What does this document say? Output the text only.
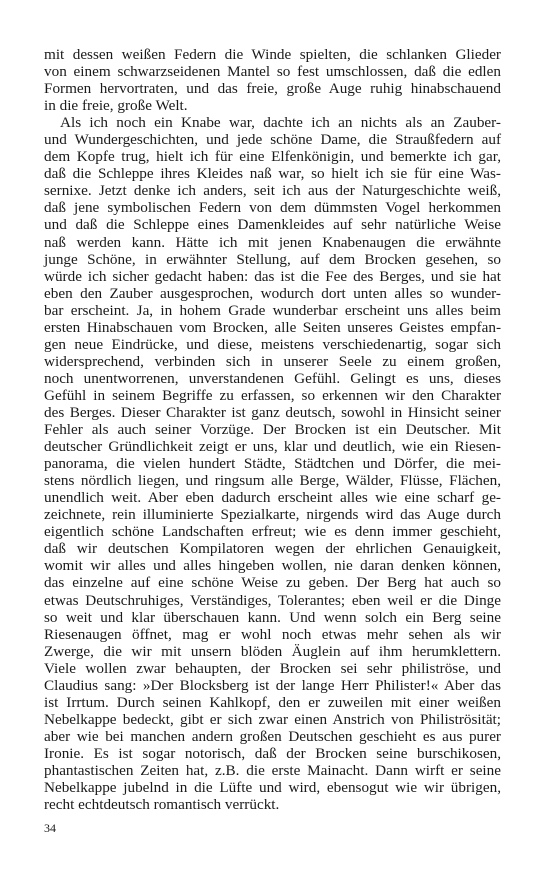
mit dessen weißen Federn die Winde spielten, die schlanken Glieder
von einem schwarzseidenen Mantel so fest umschlossen, daß die edlen
Formen hervortraten, und das freie, große Auge ruhig hinabschauend
in die freie, große Welt.
Als ich noch ein Knabe war, dachte ich an nichts als an Zauber-
und Wundergeschichten, und jede schöne Dame, die Straußfedern auf
dem Kopfe trug, hielt ich für eine Elfenkönigin, und bemerkte ich gar,
daß die Schleppe ihres Kleides naß war, so hielt ich sie für eine Was-
sernixe. Jetzt denke ich anders, seit ich aus der Naturgeschichte weiß,
daß jene symbolischen Federn von dem dümmsten Vogel herkommen
und daß die Schleppe eines Damenkleides auf sehr natürliche Weise
naß werden kann. Hätte ich mit jenen Knabenaugen die erwähnte
junge Schöne, in erwähnter Stellung, auf dem Brocken gesehen, so
würde ich sicher gedacht haben: das ist die Fee des Berges, und sie hat
eben den Zauber ausgesprochen, wodurch dort unten alles so wunder-
bar erscheint. Ja, in hohem Grade wunderbar erscheint uns alles beim
ersten Hinabschauen vom Brocken, alle Seiten unseres Geistes empfan-
gen neue Eindrücke, und diese, meistens verschiedenartig, sogar sich
widersprechend, verbinden sich in unserer Seele zu einem großen,
noch unentworrenen, unverstandenen Gefühl. Gelingt es uns, dieses
Gefühl in seinem Begriffe zu erfassen, so erkennen wir den Charakter
des Berges. Dieser Charakter ist ganz deutsch, sowohl in Hinsicht seiner
Fehler als auch seiner Vorzüge. Der Brocken ist ein Deutscher. Mit
deutscher Gründlichkeit zeigt er uns, klar und deutlich, wie ein Riesen-
panorama, die vielen hundert Städte, Städtchen und Dörfer, die mei-
stens nördlich liegen, und ringsum alle Berge, Wälder, Flüsse, Flächen,
unendlich weit. Aber eben dadurch erscheint alles wie eine scharf ge-
zeichnete, rein illuminierte Spezialkarte, nirgends wird das Auge durch
eigentlich schöne Landschaften erfreut; wie es denn immer geschieht,
daß wir deutschen Kompilatoren wegen der ehrlichen Genauigkeit,
womit wir alles und alles hingeben wollen, nie daran denken können,
das einzelne auf eine schöne Weise zu geben. Der Berg hat auch so
etwas Deutschruhiges, Verständiges, Tolerantes; eben weil er die Dinge
so weit und klar überschauen kann. Und wenn solch ein Berg seine
Riesenaugen öffnet, mag er wohl noch etwas mehr sehen als wir
Zwerge, die wir mit unsern blöden Äuglein auf ihm herumklettern.
Viele wollen zwar behaupten, der Brocken sei sehr philiströse, und
Claudius sang: »Der Blocksberg ist der lange Herr Philister!« Aber das
ist Irrtum. Durch seinen Kahlkopf, den er zuweilen mit einer weißen
Nebelkappe bedeckt, gibt er sich zwar einen Anstrich von Philiströsität;
aber wie bei manchen andern großen Deutschen geschieht es aus purer
Ironie. Es ist sogar notorisch, daß der Brocken seine burschikosen,
phantastischen Zeiten hat, z.B. die erste Mainacht. Dann wirft er seine
Nebelkappe jubelnd in die Lüfte und wird, ebensogut wie wir übrigen,
recht echtdeutsch romantisch verrückt.
34
